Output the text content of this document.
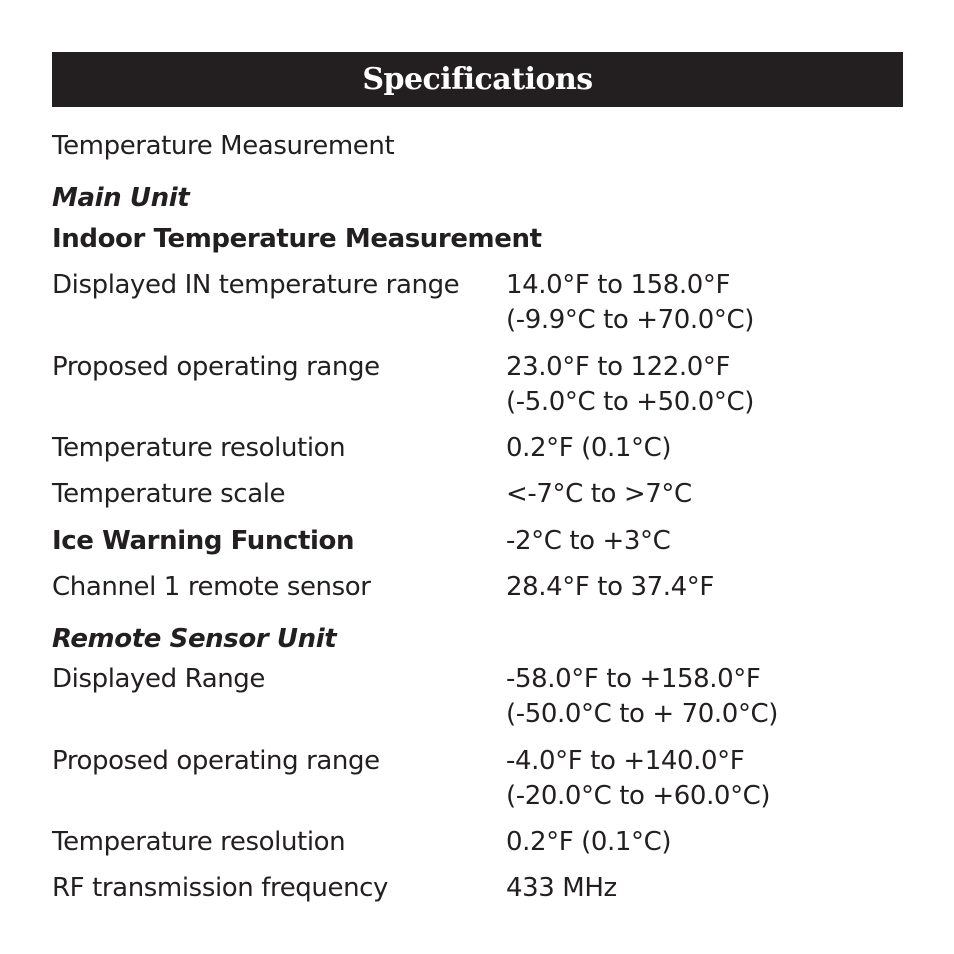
Specifications
Temperature Measurement
Main Unit
Indoor Temperature Measurement
Displayed IN temperature range 14.0°F to 158.0°F
(-9.9°C to +70.0°C)
Proposed operating range	23.0°F to 122.0°F
(-5.0°C to +50.0°C)
Temperature resolution	0.2°F (0.1°C)
Temperature scale	<-7°C to >7°C
Ice Warning Function	-2°C to +3°C
Channel 1 remote sensor	28.4°F to 37.4°F
Remote Sensor Unit
Displayed Range	-58.0°F to +158.0°F
(-50.0°C to + 70.0°C)
Proposed operating range	-4.0°F to +140.0°F
(-20.0°C to +60.0°C)
Temperature resolution	0.2°F (0.1°C)
RF transmission frequency	433 MHz
